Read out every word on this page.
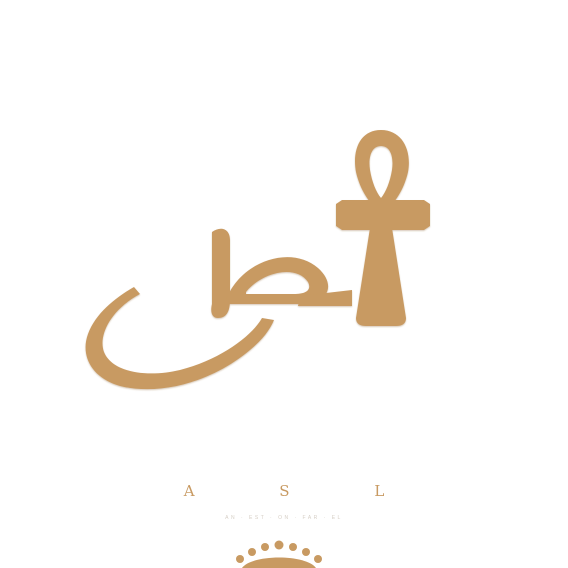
A S L
AN · EST · ON · FAR · EL
